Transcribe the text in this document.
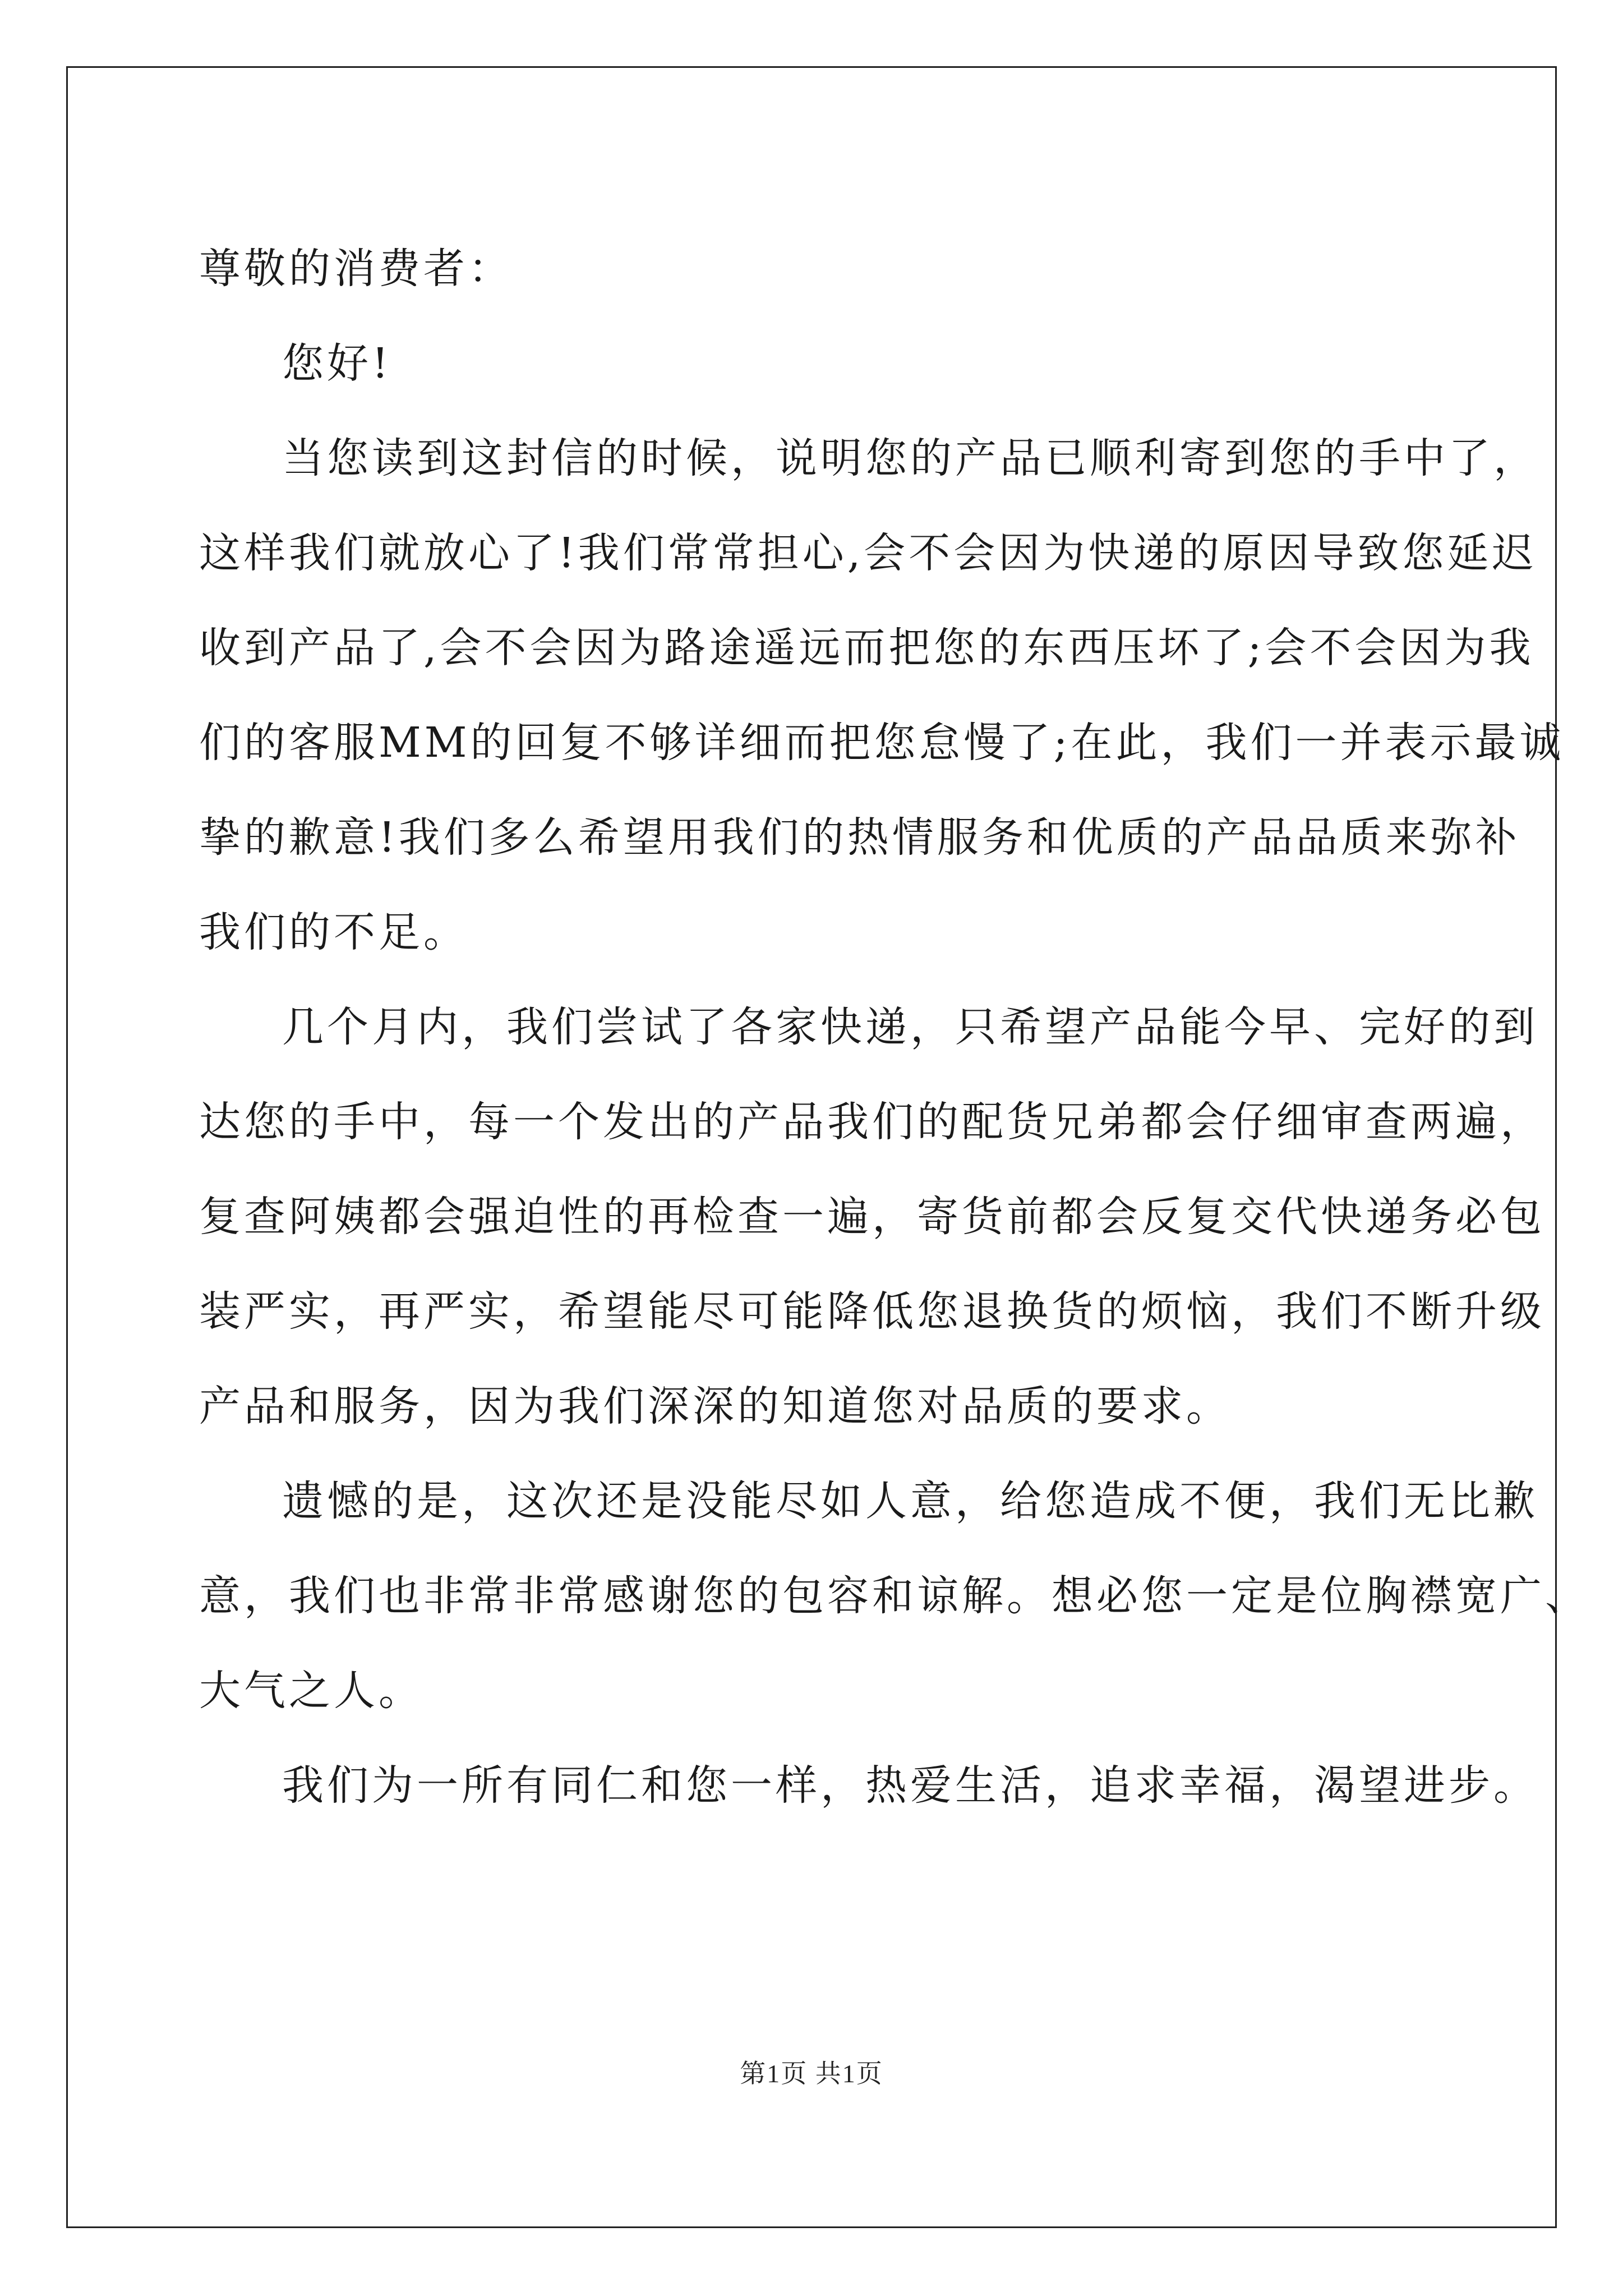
尊敬的消费者：
您好!
当您读到这封信的时候，说明您的产品已顺利寄到您的手中了，
这样我们就放心了!我们常常担心,会不会因为快递的原因导致您延迟
收到产品了,会不会因为路途遥远而把您的东西压坏了;会不会因为我
们的客服MM的回复不够详细而把您怠慢了;在此，我们一并表示最诚
挚的歉意!我们多么希望用我们的热情服务和优质的产品品质来弥补
我们的不足。
几个月内，我们尝试了各家快递，只希望产品能今早、完好的到
达您的手中，每一个发出的产品我们的配货兄弟都会仔细审查两遍，
复查阿姨都会强迫性的再检查一遍，寄货前都会反复交代快递务必包
装严实，再严实，希望能尽可能降低您退换货的烦恼，我们不断升级
产品和服务，因为我们深深的知道您对品质的要求。
遗憾的是，这次还是没能尽如人意，给您造成不便，我们无比歉
意，我们也非常非常感谢您的包容和谅解。想必您一定是位胸襟宽广、
大气之人。
我们为一所有同仁和您一样，热爱生活，追求幸福，渴望进步。
第1页 共1页
